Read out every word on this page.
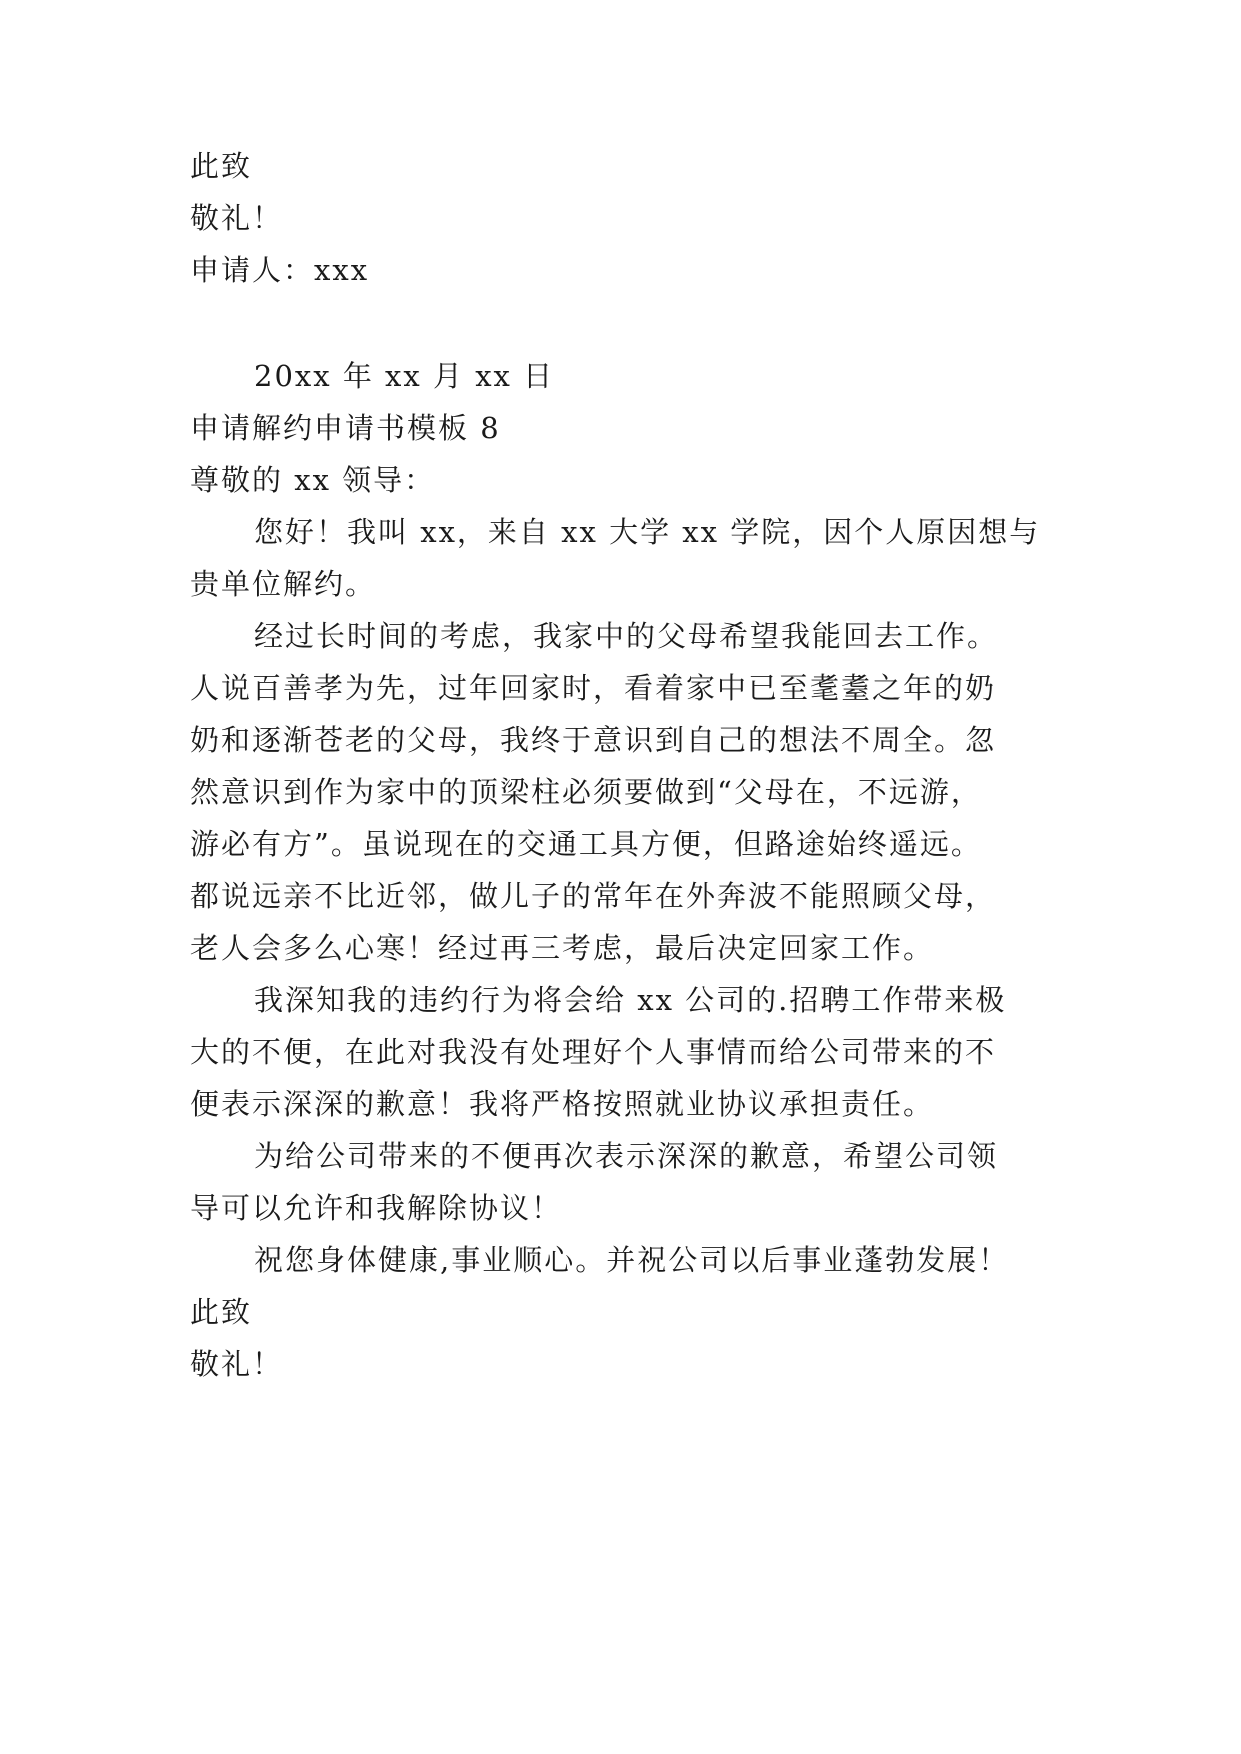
此致
敬礼！
申请人：xxx
20xx 年 xx 月 xx 日
申请解约申请书模板 8
尊敬的 xx 领导：
您好！我叫 xx，来自 xx 大学 xx 学院，因个人原因想与
贵单位解约。
经过长时间的考虑，我家中的父母希望我能回去工作。
人说百善孝为先，过年回家时，看着家中已至耄耋之年的奶
奶和逐渐苍老的父母，我终于意识到自己的想法不周全。忽
然意识到作为家中的顶梁柱必须要做到“父母在，不远游，
游必有方”。虽说现在的交通工具方便，但路途始终遥远。
都说远亲不比近邻，做儿子的常年在外奔波不能照顾父母，
老人会多么心寒！经过再三考虑，最后决定回家工作。
我深知我的违约行为将会给 xx 公司的.招聘工作带来极
大的不便，在此对我没有处理好个人事情而给公司带来的不
便表示深深的歉意！我将严格按照就业协议承担责任。
为给公司带来的不便再次表示深深的歉意，希望公司领
导可以允许和我解除协议！
祝您身体健康,事业顺心。并祝公司以后事业蓬勃发展！
此致
敬礼！
